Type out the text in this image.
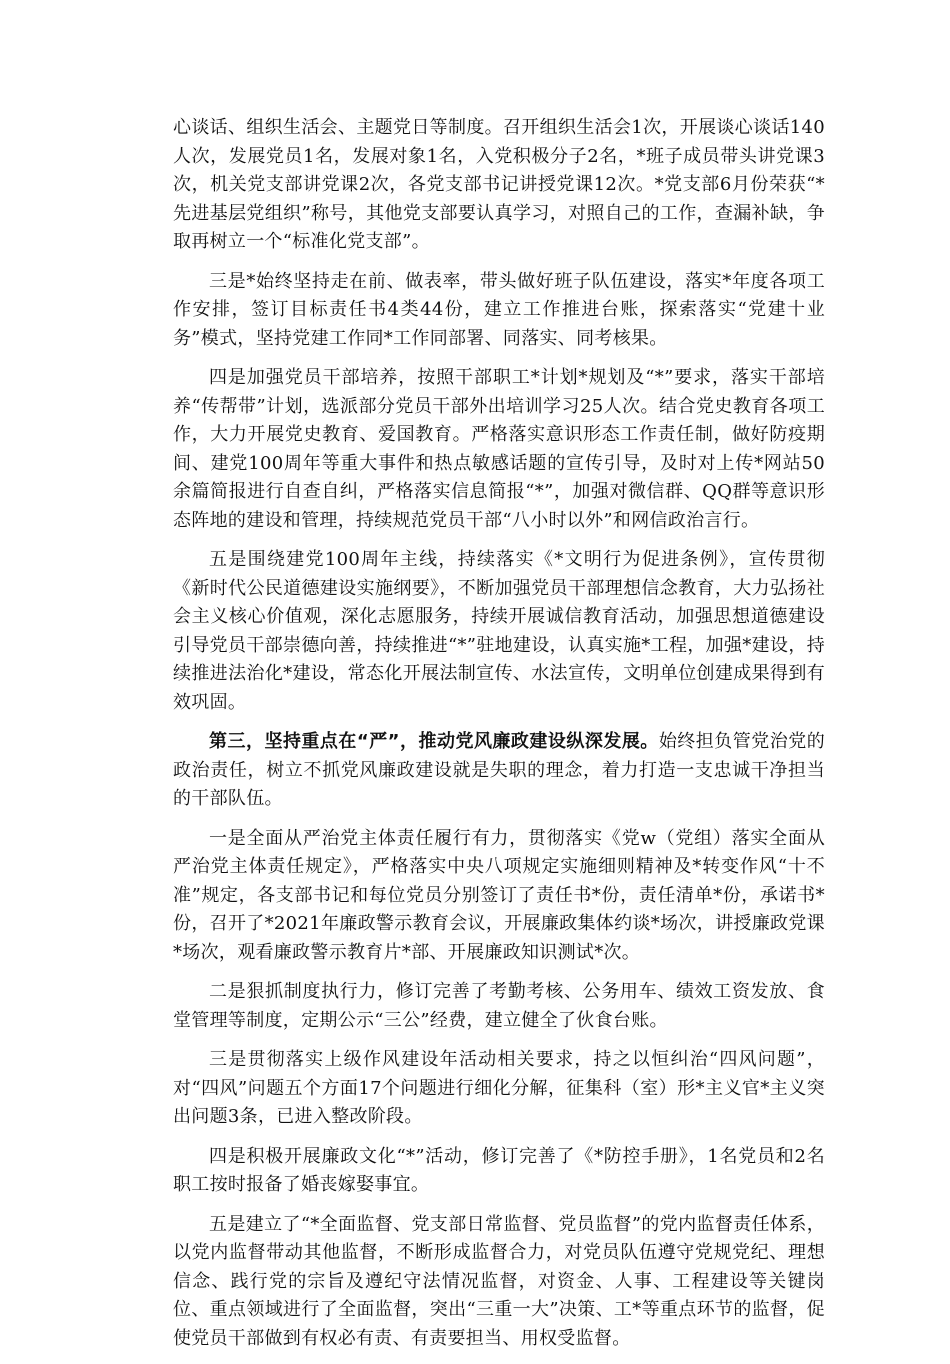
心谈话、组织生活会、主题党日等制度。召开组织生活会1次，开展谈心谈话140人次，发展党员1名，发展对象1名，入党积极分子2名，*班子成员带头讲党课3次，机关党支部讲党课2次，各党支部书记讲授党课12次。*党支部6月份荣获“*先进基层党组织”称号，其他党支部要认真学习，对照自己的工作，查漏补缺，争取再树立一个“标准化党支部”。

三是*始终坚持走在前、做表率，带头做好班子队伍建设，落实*年度各项工作安排，签订目标责任书4类44份，建立工作推进台账，探索落实“党建十业务”模式，坚持党建工作同*工作同部署、同落实、同考核果。

四是加强党员干部培养，按照干部职工*计划*规划及“*”要求，落实干部培养“传帮带”计划，选派部分党员干部外出培训学习25人次。结合党史教育各项工作，大力开展党史教育、爱国教育。严格落实意识形态工作责任制，做好防疫期间、建党100周年等重大事件和热点敏感话题的宣传引导，及时对上传*网站50余篇简报进行自查自纠，严格落实信息简报“*”，加强对微信群、QQ群等意识形态阵地的建设和管理，持续规范党员干部“八小时以外”和网信政治言行。

五是围绕建党100周年主线，持续落实《*文明行为促进条例》，宣传贯彻《新时代公民道德建设实施纲要》，不断加强党员干部理想信念教育，大力弘扬社会主义核心价值观，深化志愿服务，持续开展诚信教育活动，加强思想道德建设引导党员干部崇德向善，持续推进“*”驻地建设，认真实施*工程，加强*建设，持续推进法治化*建设，常态化开展法制宣传、水法宣传，文明单位创建成果得到有效巩固。

第三，坚持重点在“严”，推动党风廉政建设纵深发展。始终担负管党治党的政治责任，树立不抓党风廉政建设就是失职的理念，着力打造一支忠诚干净担当的干部队伍。

一是全面从严治党主体责任履行有力，贯彻落实《党w（党组）落实全面从严治党主体责任规定》，严格落实中央八项规定实施细则精神及*转变作风“十不准”规定，各支部书记和每位党员分别签订了责任书*份，责任清单*份，承诺书*份，召开了*2021年廉政警示教育会议，开展廉政集体约谈*场次，讲授廉政党课*场次，观看廉政警示教育片*部、开展廉政知识测试*次。

二是狠抓制度执行力，修订完善了考勤考核、公务用车、绩效工资发放、食堂管理等制度，定期公示“三公”经费，建立健全了伙食台账。

三是贯彻落实上级作风建设年活动相关要求，持之以恒纠治“四风问题”，对“四风”问题五个方面17个问题进行细化分解，征集科（室）形*主义官*主义突出问题3条，已进入整改阶段。

四是积极开展廉政文化“*”活动，修订完善了《*防控手册》，1名党员和2名职工按时报备了婚丧嫁娶事宜。

五是建立了“*全面监督、党支部日常监督、党员监督”的党内监督责任体系，以党内监督带动其他监督，不断形成监督合力，对党员队伍遵守党规党纪、理想信念、践行党的宗旨及遵纪守法情况监督，对资金、人事、工程建设等关键岗位、重点领域进行了全面监督，突出“三重一大”决策、工*等重点环节的监督，促使党员干部做到有权必有责、有责要担当、用权受监督。
